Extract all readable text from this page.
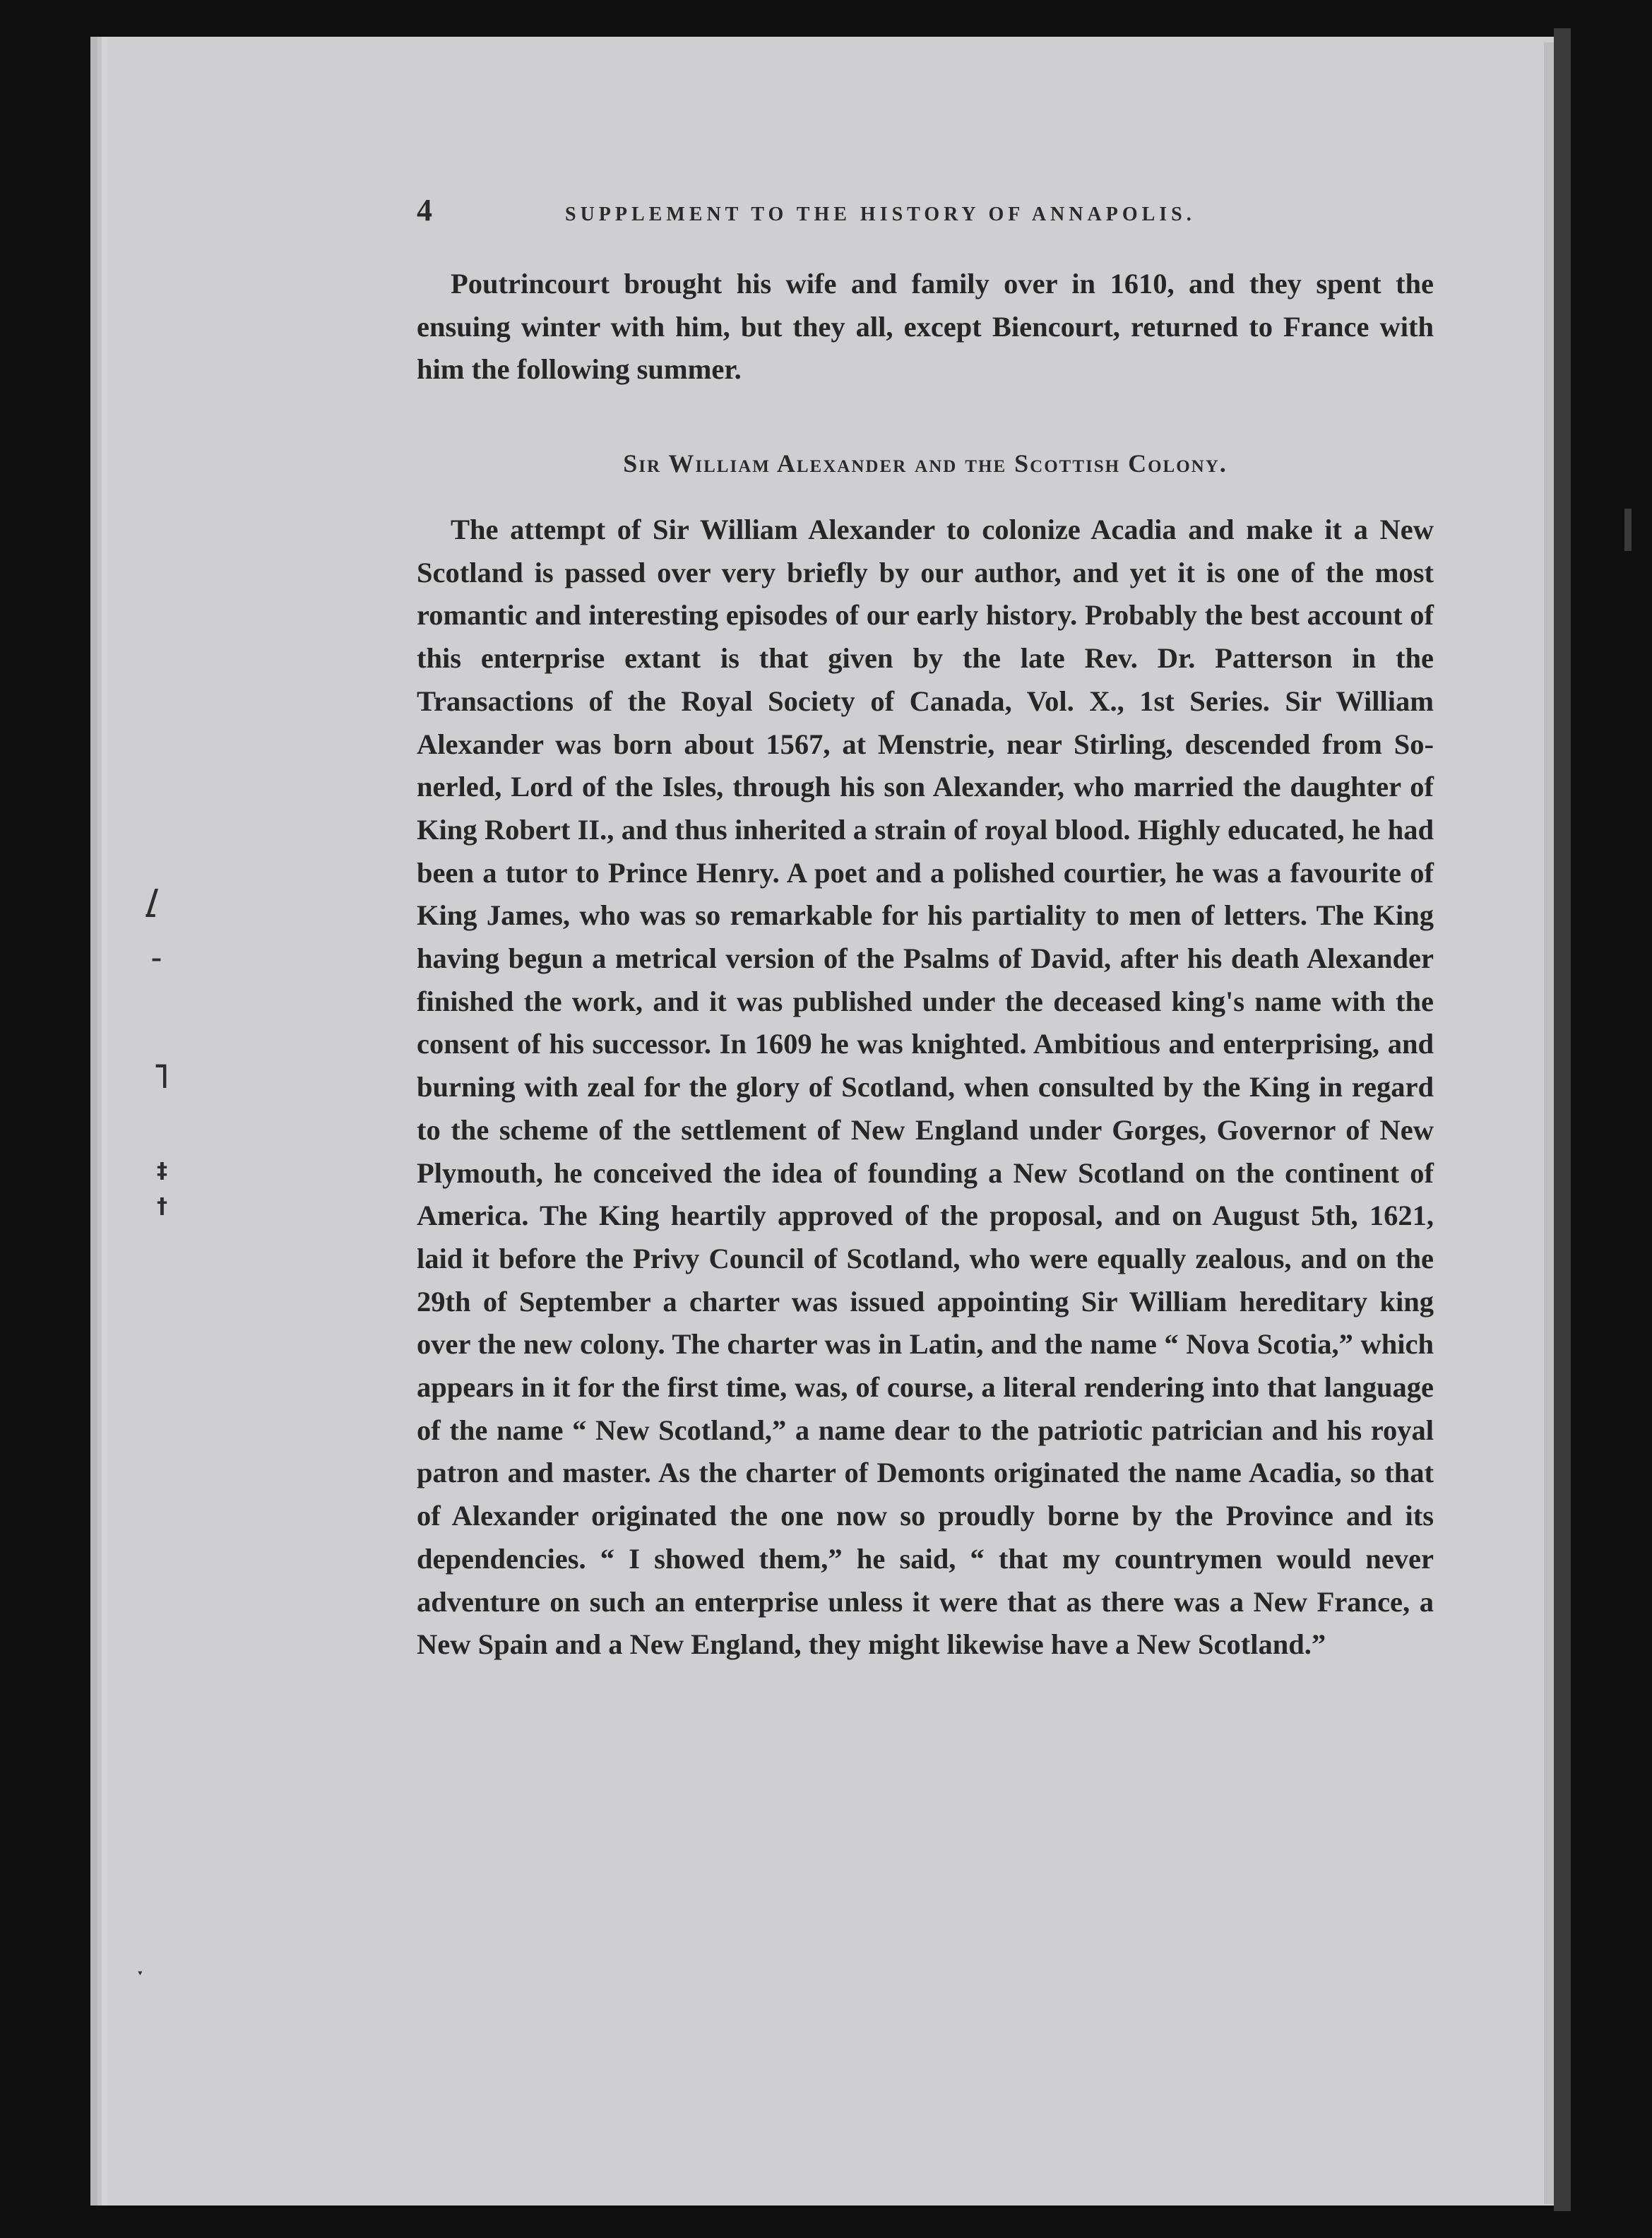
4	SUPPLEMENT TO THE HISTORY OF ANNAPOLIS.

Poutrincourt brought his wife and family over in 1610, and they spent the ensuing winter with him, but they all, except Biencourt, returned to France with him the following summer.

Sir William Alexander and the Scottish Colony.

The attempt of Sir William Alexander to colonize Acadia and make it a New Scotland is passed over very briefly by our author, and yet it is one of the most romantic and interesting episodes of our early history. Probably the best account of this enterprise extant is that given by the late Rev. Dr. Patterson in the Transactions of the Royal Society of Canada, Vol. X., 1st Series. Sir William Alexander was born about 1567, at Menstrie, near Stirling, descended from So-nerled, Lord of the Isles, through his son Alexander, who married the daughter of King Robert II., and thus inherited a strain of royal blood. Highly educated, he had been a tutor to Prince Henry. A poet and a polished courtier, he was a favourite of King James, who was so remarkable for his partiality to men of letters. The King having begun a metrical version of the Psalms of David, after his death Alexander finished the work, and it was published under the deceased king's name with the consent of his successor. In 1609 he was knighted. Ambitious and enterprising, and burning with zeal for the glory of Scotland, when consulted by the King in regard to the scheme of the settlement of New England under Gorges, Governor of New Plymouth, he conceived the idea of founding a New Scotland on the continent of America. The King heartily approved of the proposal, and on August 5th, 1621, laid it before the Privy Council of Scotland, who were equally zealous, and on the 29th of September a charter was issued appointing Sir William hereditary king over the new colony. The charter was in Latin, and the name “ Nova Scotia,” which appears in it for the first time, was, of course, a literal rendering into that language of the name “ New Scotland,” a name dear to the patriotic patrician and his royal patron and master. As the charter of Demonts originated the name Acadia, so that of Alexander originated the one now so proudly borne by the Province and its dependencies. “ I showed them,” he said, “ that my countrymen would never adventure on such an enterprise unless it were that as there was a New France, a New Spain and a New England, they might likewise have a New Scotland.”

/̱
–
˥
‡
†
ˑ
